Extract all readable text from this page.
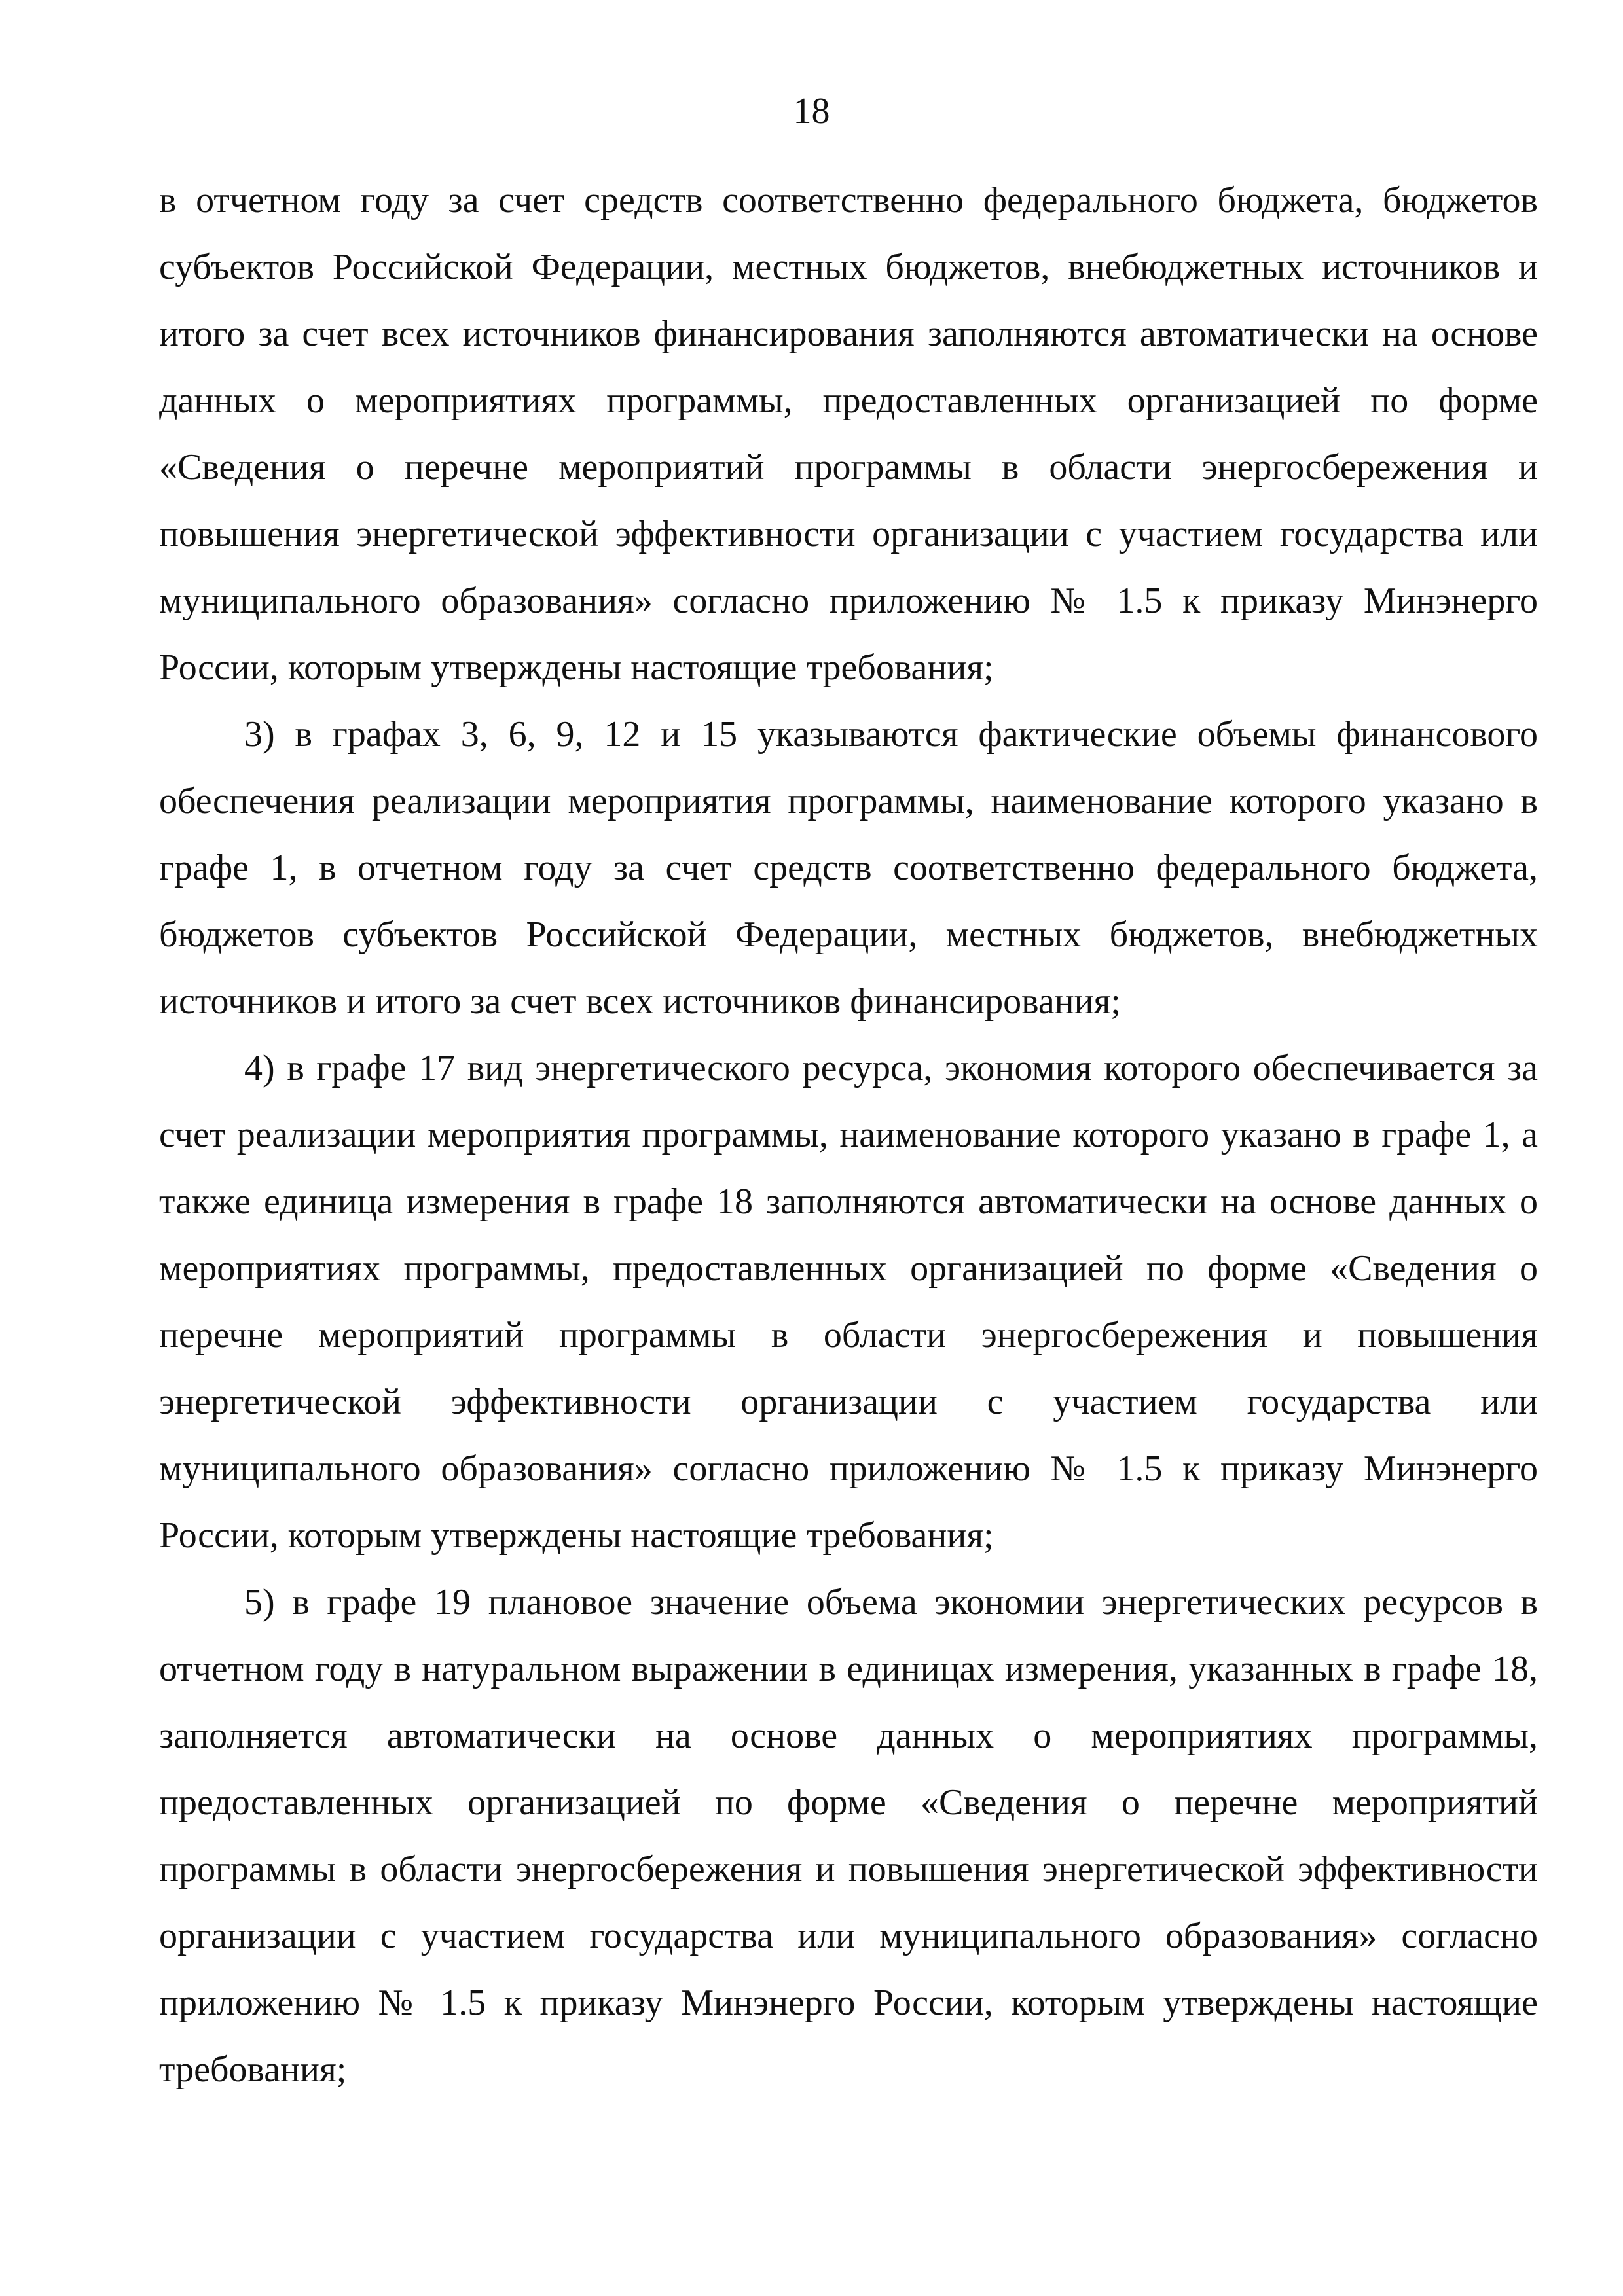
18

в отчетном году за счет средств соответственно федерального бюджета, бюджетов субъектов Российской Федерации, местных бюджетов, внебюджетных источников и итого за счет всех источников финансирования заполняются автоматически на основе данных о мероприятиях программы, предоставленных организацией по форме «Сведения о перечне мероприятий программы в области энергосбережения и повышения энергетической эффективности организации с участием государства или муниципального образования» согласно приложению № 1.5 к приказу Минэнерго России, которым утверждены настоящие требования;

3) в графах 3, 6, 9, 12 и 15 указываются фактические объемы финансового обеспечения реализации мероприятия программы, наименование которого указано в графе 1, в отчетном году за счет средств соответственно федерального бюджета, бюджетов субъектов Российской Федерации, местных бюджетов, внебюджетных источников и итого за счет всех источников финансирования;

4) в графе 17 вид энергетического ресурса, экономия которого обеспечивается за счет реализации мероприятия программы, наименование которого указано в графе 1, а также единица измерения в графе 18 заполняются автоматически на основе данных о мероприятиях программы, предоставленных организацией по форме «Сведения о перечне мероприятий программы в области энергосбережения и повышения энергетической эффективности организации с участием государства или муниципального образования» согласно приложению № 1.5 к приказу Минэнерго России, которым утверждены настоящие требования;

5) в графе 19 плановое значение объема экономии энергетических ресурсов в отчетном году в натуральном выражении в единицах измерения, указанных в графе 18, заполняется автоматически на основе данных о мероприятиях программы, предоставленных организацией по форме «Сведения о перечне мероприятий программы в области энергосбережения и повышения энергетической эффективности организации с участием государства или муниципального образования» согласно приложению № 1.5 к приказу Минэнерго России, которым утверждены настоящие требования;
